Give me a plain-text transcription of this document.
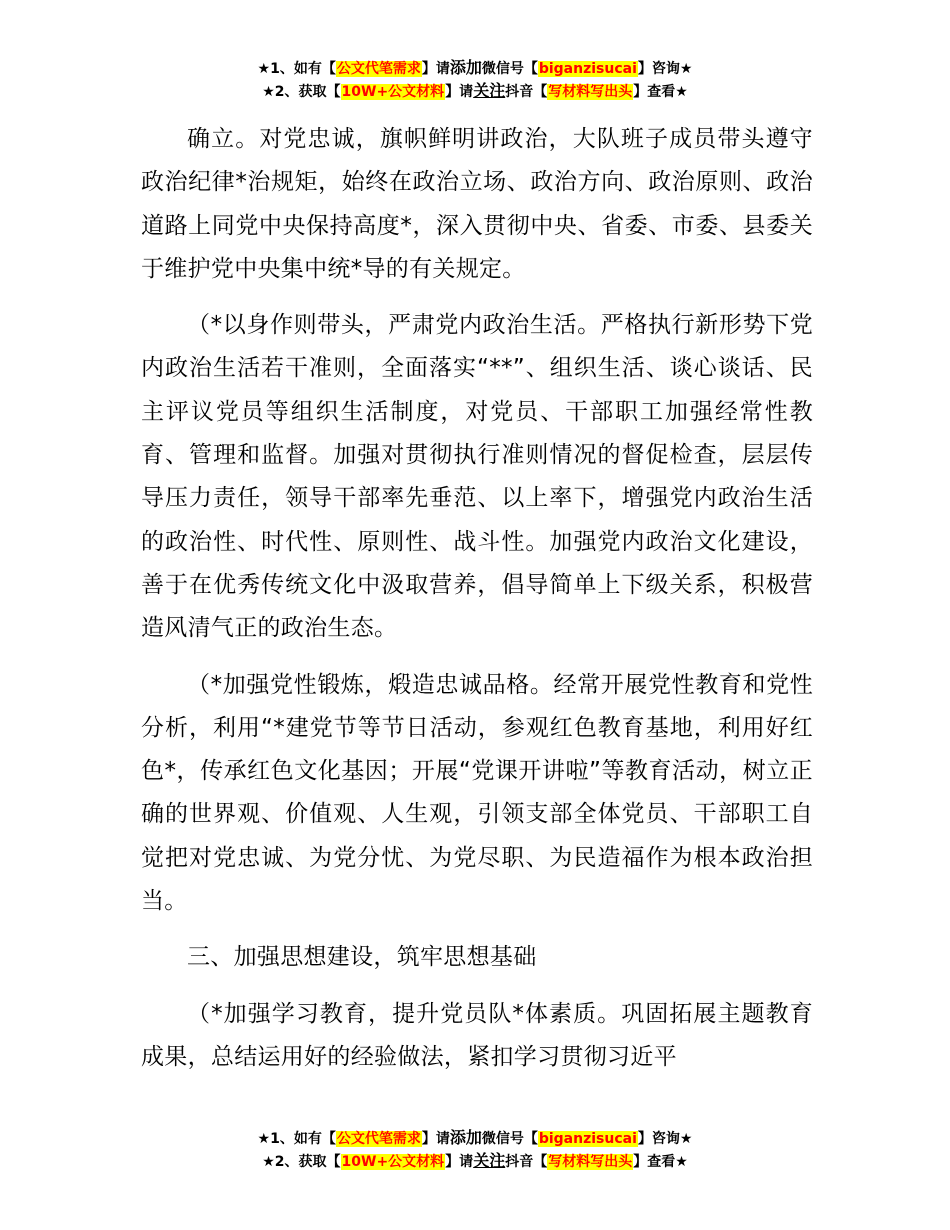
★1、如有【公文代笔需求】请添加微信号【biganzisucai】咨询★
★2、获取【10W+公文材料】请关注抖音【写材料写出头】查看★

确立。对党忠诚，旗帜鲜明讲政治，大队班子成员带头遵守政治纪律*治规矩，始终在政治立场、政治方向、政治原则、政治道路上同党中央保持高度*，深入贯彻中央、省委、市委、县委关于维护党中央集中统*导的有关规定。

（*以身作则带头，严肃党内政治生活。严格执行新形势下党内政治生活若干准则，全面落实“**”、组织生活、谈心谈话、民主评议党员等组织生活制度，对党员、干部职工加强经常性教育、管理和监督。加强对贯彻执行准则情况的督促检查，层层传导压力责任，领导干部率先垂范、以上率下，增强党内政治生活的政治性、时代性、原则性、战斗性。加强党内政治文化建设，善于在优秀传统文化中汲取营养，倡导简单上下级关系，积极营造风清气正的政治生态。

（*加强党性锻炼，煅造忠诚品格。经常开展党性教育和党性分析，利用“*建党节等节日活动，参观红色教育基地，利用好红色*，传承红色文化基因；开展“党课开讲啦”等教育活动，树立正确的世界观、价值观、人生观，引领支部全体党员、干部职工自觉把对党忠诚、为党分忧、为党尽职、为民造福作为根本政治担当。

三、加强思想建设，筑牢思想基础

（*加强学习教育，提升党员队*体素质。巩固拓展主题教育成果，总结运用好的经验做法，紧扣学习贯彻习近平

★1、如有【公文代笔需求】请添加微信号【biganzisucai】咨询★
★2、获取【10W+公文材料】请关注抖音【写材料写出头】查看★
